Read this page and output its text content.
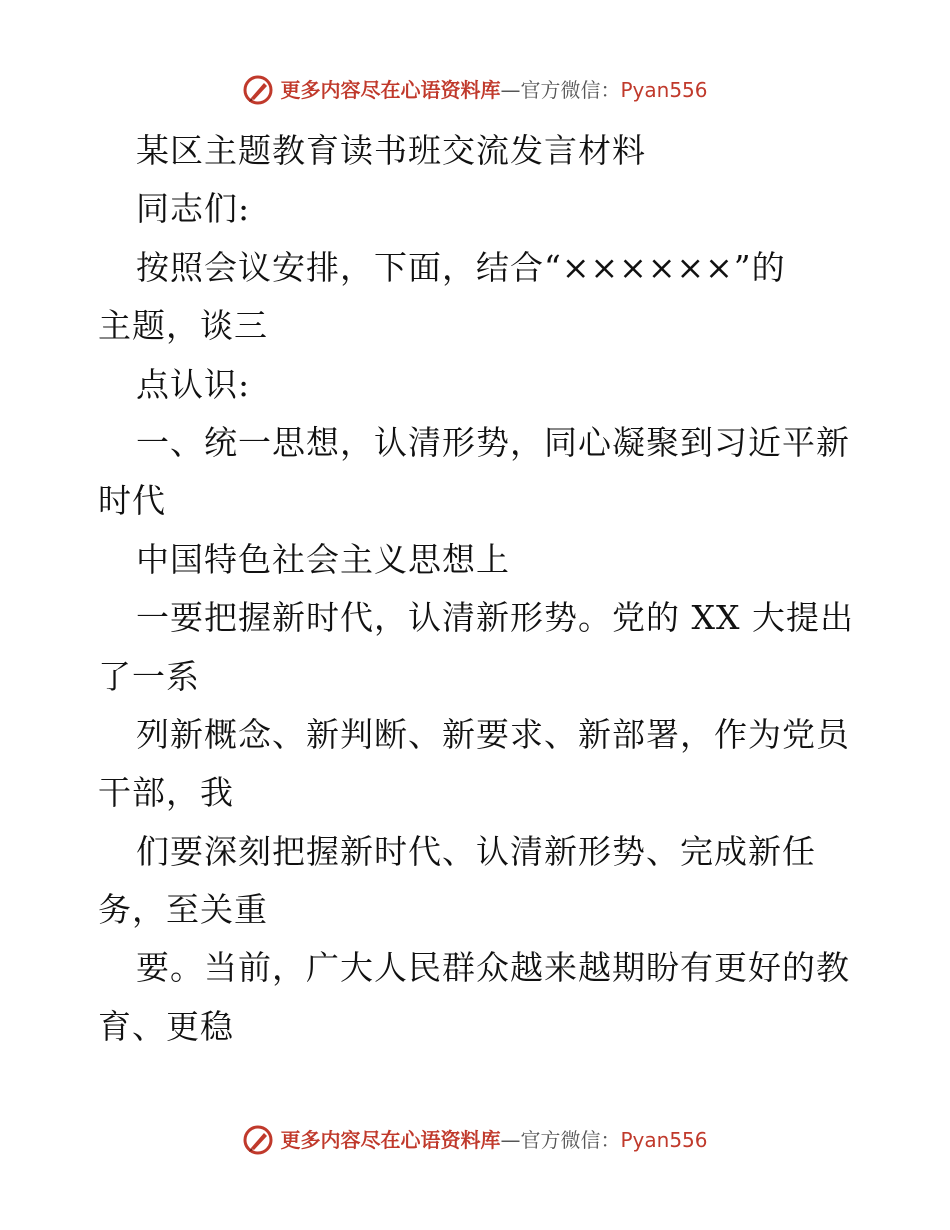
更多内容尽在心语资料库 —官方微信： Pyan556

某区主题教育读书班交流发言材料

同志们:

按照会议安排，下面，结合“××××××”的

主题，谈三

点认识:

一、统一思想，认清形势，同心凝聚到习近平新

时代

中国特色社会主义思想上

一要把握新时代，认清新形势。党的 XX 大提出

了一系

列新概念、新判断、新要求、新部署，作为党员

干部，我

们要深刻把握新时代、认清新形势、完成新任

务，至关重

要。当前，广大人民群众越来越期盼有更好的教

育、更稳

更多内容尽在心语资料库 —官方微信： Pyan556
